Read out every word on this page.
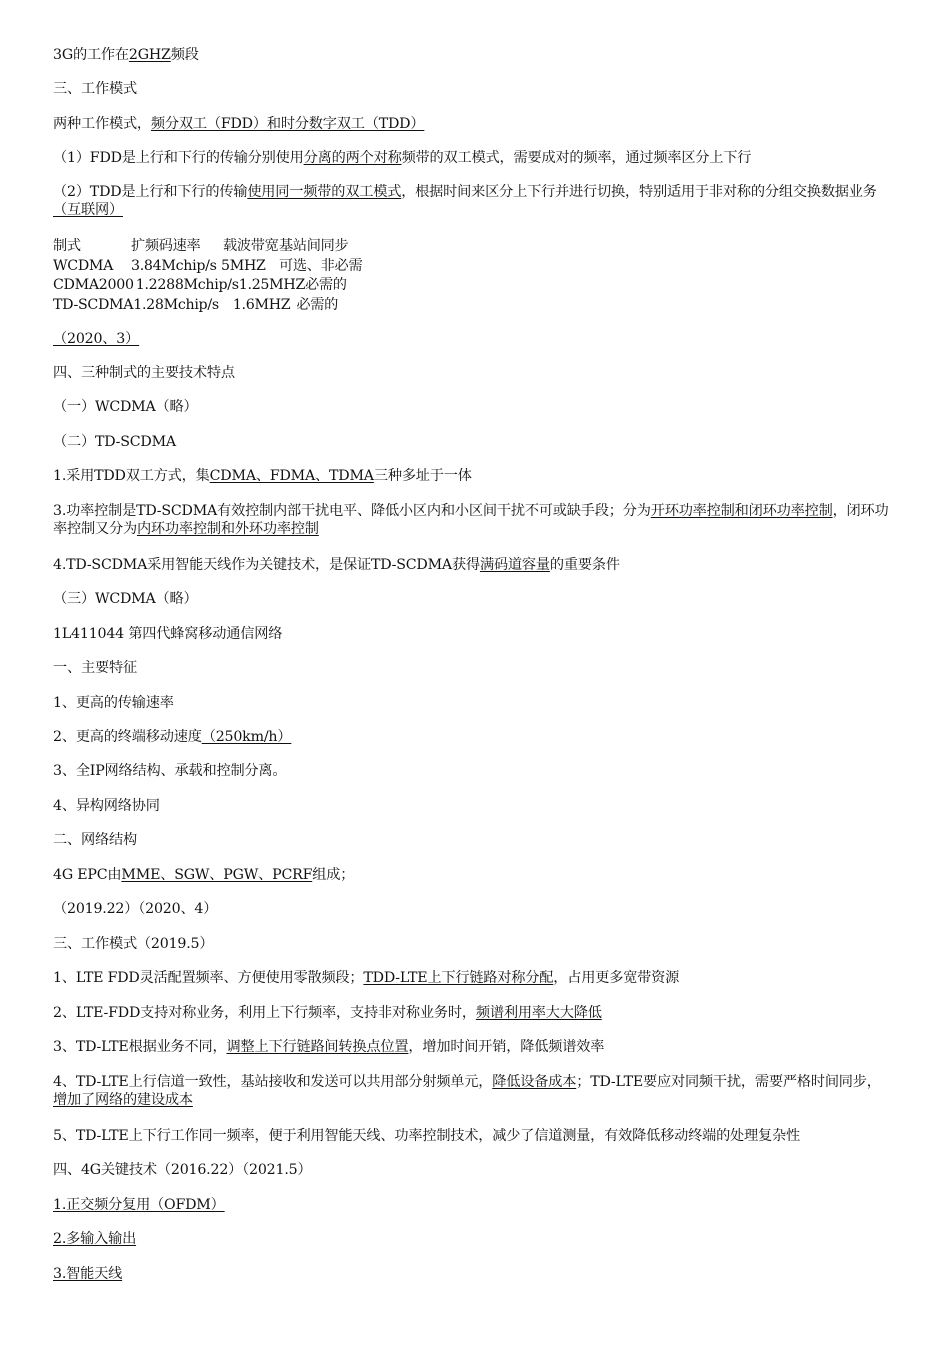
3G的工作在2GHZ频段
三、工作模式
两种工作模式，频分双工（FDD）和时分数字双工（TDD）
（1）FDD是上行和下行的传输分别使用分离的两个对称频带的双工模式，需要成对的频率，通过频率区分上下行
（2）TDD是上行和下行的传输使用同一频带的双工模式，根据时间来区分上下行并进行切换，特别适用于非对称的分组交换数据业务（互联网）
（2020、3）
四、三种制式的主要技术特点
（一）WCDMA（略）
（二）TD-SCDMA
1.采用TDD双工方式，集CDMA、FDMA、TDMA三种多址于一体
3.功率控制是TD-SCDMA有效控制内部干扰电平、降低小区内和小区间干扰不可或缺手段；分为开环功率控制和闭环功率控制，闭环功率控制又分为内环功率控制和外环功率控制
4.TD-SCDMA采用智能天线作为关键技术，是保证TD-SCDMA获得满码道容量的重要条件
（三）WCDMA（略）
1L411044 第四代蜂窝移动通信网络
一、主要特征
1、更高的传输速率
2、更高的终端移动速度（250km/h）
3、全IP网络结构、承载和控制分离。
4、异构网络协同
二、网络结构
4G EPC由MME、SGW、PGW、PCRF组成；
（2019.22）（2020、4）
三、工作模式（2019.5）
1、LTE FDD灵活配置频率、方便使用零散频段；TDD-LTE上下行链路对称分配，占用更多宽带资源
2、LTE-FDD支持对称业务，利用上下行频率，支持非对称业务时，频谱利用率大大降低
3、TD-LTE根据业务不同，调整上下行链路间转换点位置，增加时间开销，降低频谱效率
4、TD-LTE上行信道一致性，基站接收和发送可以共用部分射频单元，降低设备成本；TD-LTE要应对同频干扰，需要严格时间同步，增加了网络的建设成本
5、TD-LTE上下行工作同一频率，便于利用智能天线、功率控制技术，减少了信道测量，有效降低移动终端的处理复杂性
四、4G关键技术（2016.22）（2021.5）
1.正交频分复用（OFDM）
2.多输入输出
3.智能天线
制式	扩频码速率 载波带宽基站间同步
WCDMA 3.84Mchip/s 5MHZ 可选、非必需
CDMA2000 1.2288Mchip/s1.25MHZ必需的
TD-SCDMA1.28Mchip/s 1.6MHZ 必需的
